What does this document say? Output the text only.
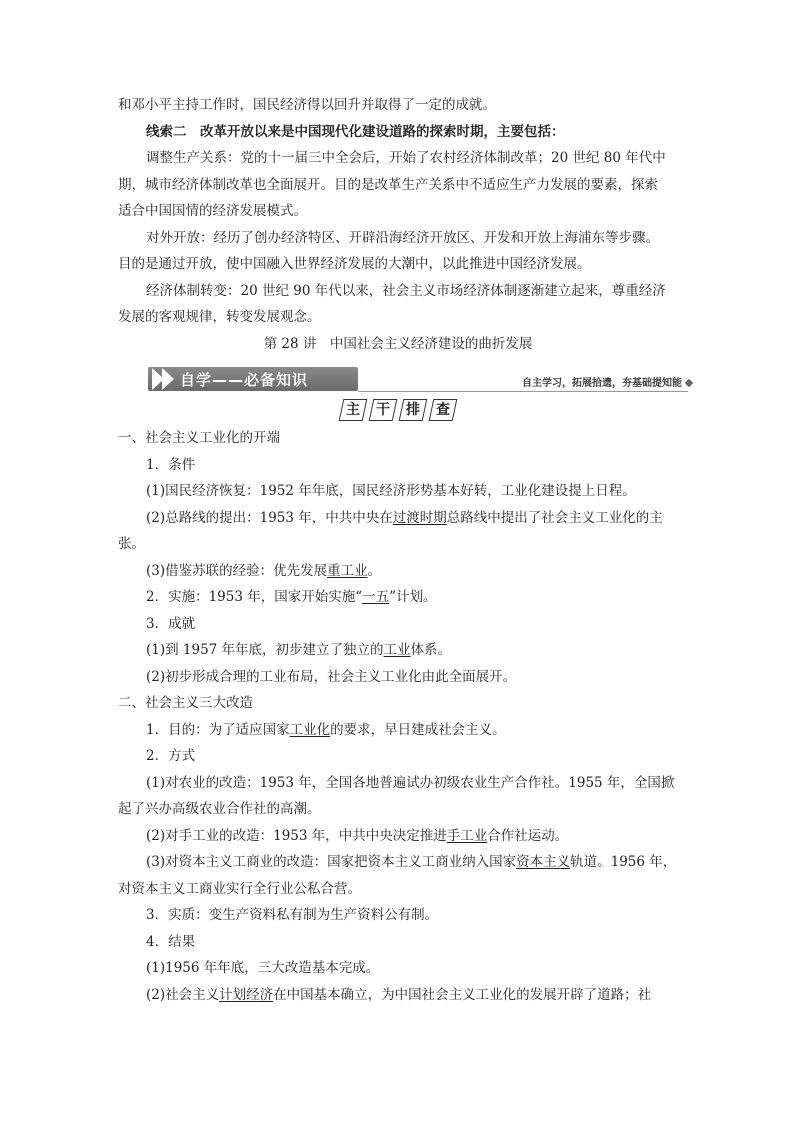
和邓小平主持工作时，国民经济得以回升并取得了一定的成就。

线索二　改革开放以来是中国现代化建设道路的探索时期，主要包括：

调整生产关系：党的十一届三中全会后，开始了农村经济体制改革；20 世纪 80 年代中

期，城市经济体制改革也全面展开。目的是改革生产关系中不适应生产力发展的要素，探索

适合中国国情的经济发展模式。

对外开放：经历了创办经济特区、开辟沿海经济开放区、开发和开放上海浦东等步骤。

目的是通过开放，使中国融入世界经济发展的大潮中，以此推进中国经济发展。

经济体制转变：20 世纪 90 年代以来，社会主义市场经济体制逐渐建立起来，尊重经济

发展的客观规律，转变发展观念。

第 28 讲　中国社会主义经济建设的曲折发展

自学——必备知识	自主学习，拓展拾遗，夯基础提知能
主	干	排	查

一、社会主义工业化的开端

1．条件

(1)国民经济恢复：1952 年年底，国民经济形势基本好转，工业化建设提上日程。

(2)总路线的提出：1953 年，中共中央在过渡时期总路线中提出了社会主义工业化的主

张。

(3)借鉴苏联的经验：优先发展重工业。

2．实施：1953 年，国家开始实施“一五”计划。

3．成就

(1)到 1957 年年底，初步建立了独立的工业体系。

(2)初步形成合理的工业布局，社会主义工业化由此全面展开。

二、社会主义三大改造

1．目的：为了适应国家工业化的要求，早日建成社会主义。

2．方式

(1)对农业的改造：1953 年，全国各地普遍试办初级农业生产合作社。1955 年，全国掀

起了兴办高级农业合作社的高潮。

(2)对手工业的改造：1953 年，中共中央决定推进手工业合作社运动。

(3)对资本主义工商业的改造：国家把资本主义工商业纳入国家资本主义轨道。1956 年，

对资本主义工商业实行全行业公私合营。

3．实质：变生产资料私有制为生产资料公有制。

4．结果

(1)1956 年年底，三大改造基本完成。

(2)社会主义计划经济在中国基本确立，为中国社会主义工业化的发展开辟了道路；社
